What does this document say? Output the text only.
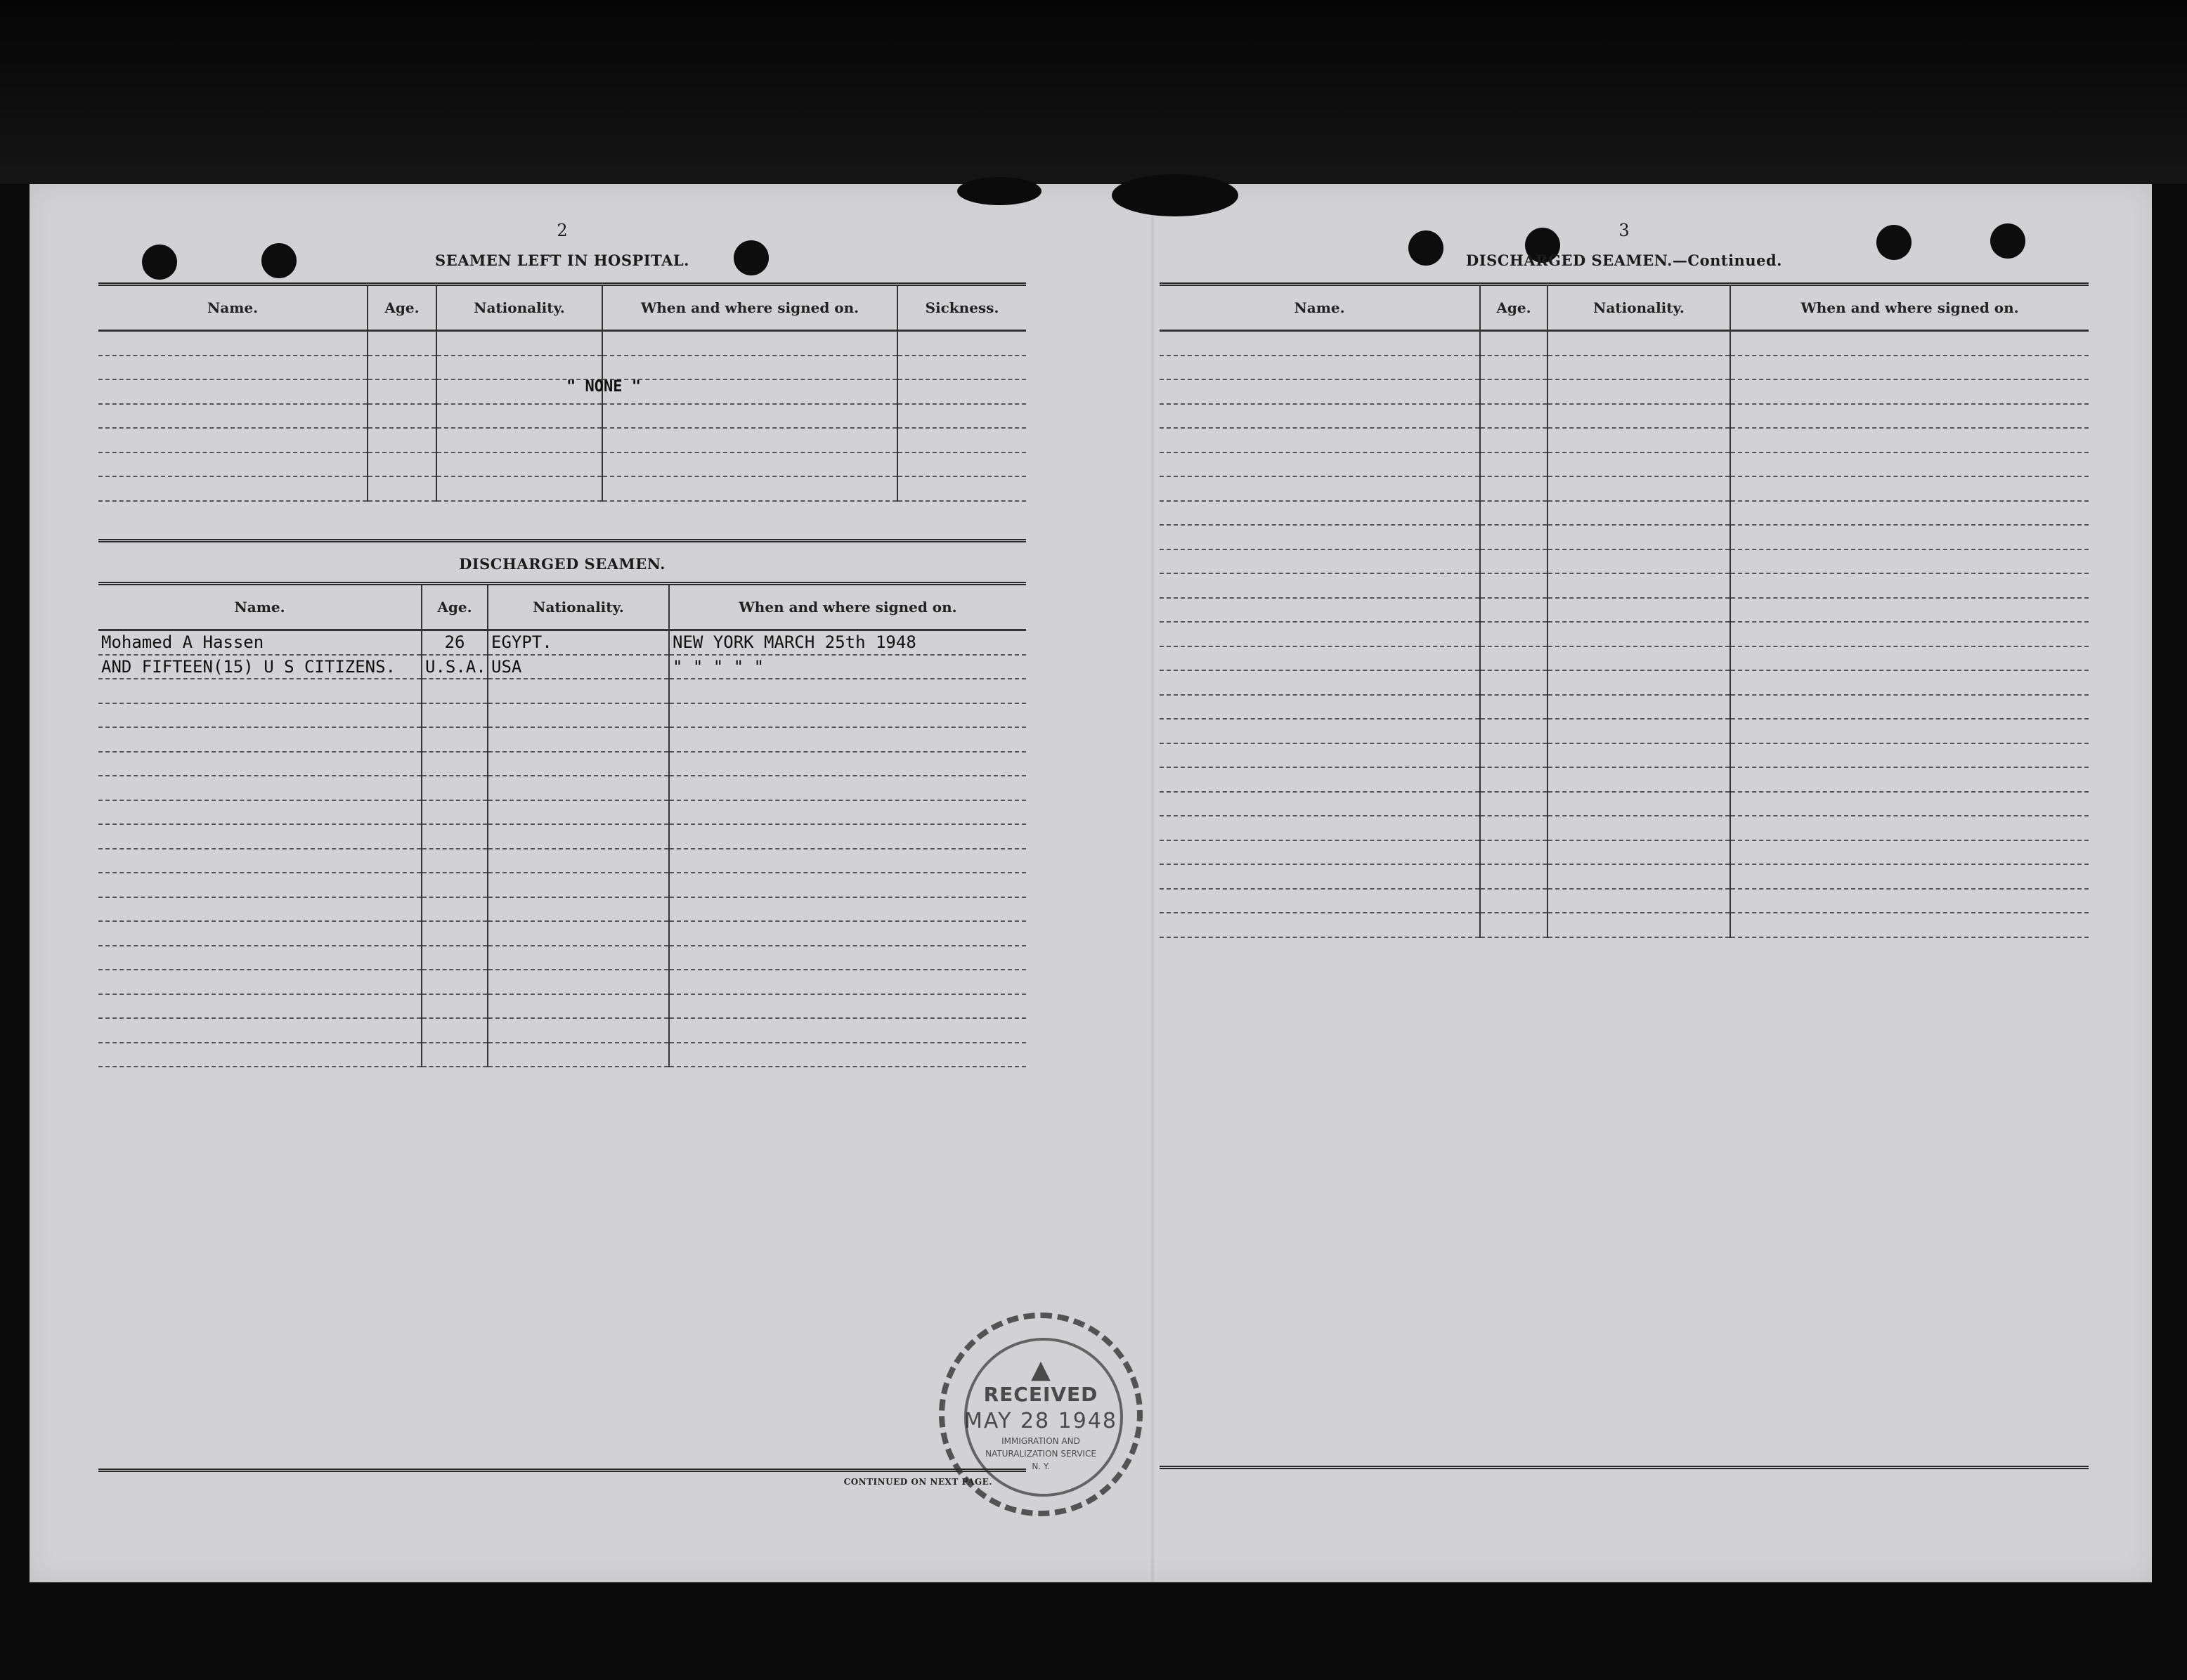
2
SEAMEN LEFT IN HOSPITAL.
Name.	Age.	Nationality.	When and where signed on.	Sickness.

" NONE "
DISCHARGED SEAMEN.
Name.	Age.	Nationality.	When and where signed on.
Mohamed A Hassen	26	EGYPT.	NEW YORK MARCH 25th 1948
AND FIFTEEN(15) U S CITIZENS.	U.S.A.	USA	" " " " "

CONTINUED ON NEXT PAGE.
3
DISCHARGED SEAMEN.—Continued.
Name.	Age.	Nationality.	When and where signed on.

▲
RECEIVED
MAY 28 1948
IMMIGRATION AND
NATURALIZATION SERVICE
N. Y.
